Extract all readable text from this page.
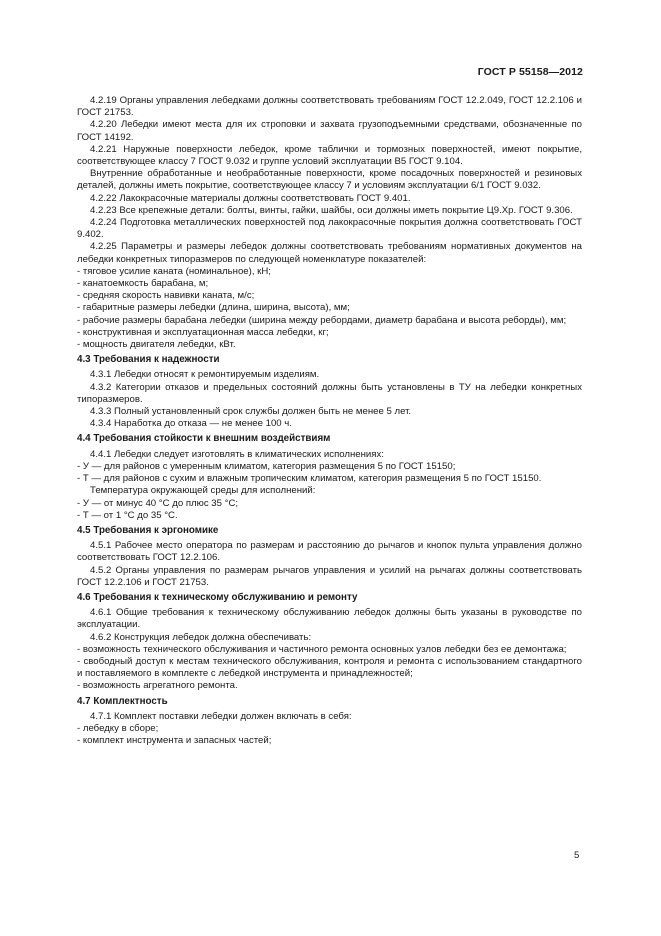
ГОСТ Р 55158—2012
4.2.19 Органы управления лебедками должны соответствовать требованиям ГОСТ 12.2.049, ГОСТ 12.2.106 и ГОСТ 21753.
4.2.20 Лебедки имеют места для их строповки и захвата грузоподъемными средствами, обозначенные по ГОСТ 14192.
4.2.21 Наружные поверхности лебедок, кроме таблички и тормозных поверхностей, имеют покрытие, соответствующее классу 7 ГОСТ 9.032 и группе условий эксплуатации В5 ГОСТ 9.104.
Внутренние обработанные и необработанные поверхности, кроме посадочных поверхностей и резиновых деталей, должны иметь покрытие, соответствующее классу 7 и условиям эксплуатации 6/1 ГОСТ 9.032.
4.2.22 Лакокрасочные материалы должны соответствовать ГОСТ 9.401.
4.2.23 Все крепежные детали: болты, винты, гайки, шайбы, оси должны иметь покрытие Ц9.Хр. ГОСТ 9.306.
4.2.24 Подготовка металлических поверхностей под лакокрасочные покрытия должна соответствовать ГОСТ 9.402.
4.2.25 Параметры и размеры лебедок должны соответствовать требованиям нормативных документов на лебедки конкретных типоразмеров по следующей номенклатуре показателей:
- тяговое усилие каната (номинальное), кН;
- канатоемкость барабана, м;
- средняя скорость навивки каната, м/с;
- габаритные размеры лебедки (длина, ширина, высота), мм;
- рабочие размеры барабана лебедки (ширина между ребордами, диаметр барабана и высота реборды), мм;
- конструктивная и эксплуатационная масса лебедки, кг;
- мощность двигателя лебедки, кВт.
4.3 Требования к надежности
4.3.1 Лебедки относят к ремонтируемым изделиям.
4.3.2 Категории отказов и предельных состояний должны быть установлены в ТУ на лебедки конкретных типоразмеров.
4.3.3 Полный установленный срок службы должен быть не менее 5 лет.
4.3.4 Наработка до отказа — не менее 100 ч.
4.4 Требования стойкости к внешним воздействиям
4.4.1 Лебедки следует изготовлять в климатических исполнениях:
- У — для районов с умеренным климатом, категория размещения 5 по ГОСТ 15150;
- Т — для районов с сухим и влажным тропическим климатом, категория размещения 5 по ГОСТ 15150.
Температура окружающей среды для исполнений:
- У — от минус 40 °С до плюс 35 °С;
- Т — от 1 °С до 35 °С.
4.5 Требования к эргономике
4.5.1 Рабочее место оператора по размерам и расстоянию до рычагов и кнопок пульта управления должно соответствовать ГОСТ 12.2.106.
4.5.2 Органы управления по размерам рычагов управления и усилий на рычагах должны соответствовать ГОСТ 12.2.106 и ГОСТ 21753.
4.6 Требования к техническому обслуживанию и ремонту
4.6.1 Общие требования к техническому обслуживанию лебедок должны быть указаны в руководстве по эксплуатации.
4.6.2 Конструкция лебедок должна обеспечивать:
- возможность технического обслуживания и частичного ремонта основных узлов лебедки без ее демонтажа;
- свободный доступ к местам технического обслуживания, контроля и ремонта с использованием стандартного и поставляемого в комплекте с лебедкой инструмента и принадлежностей;
- возможность агрегатного ремонта.
4.7 Комплектность
4.7.1 Комплект поставки лебедки должен включать в себя:
- лебедку в сборе;
- комплект инструмента и запасных частей;
5
